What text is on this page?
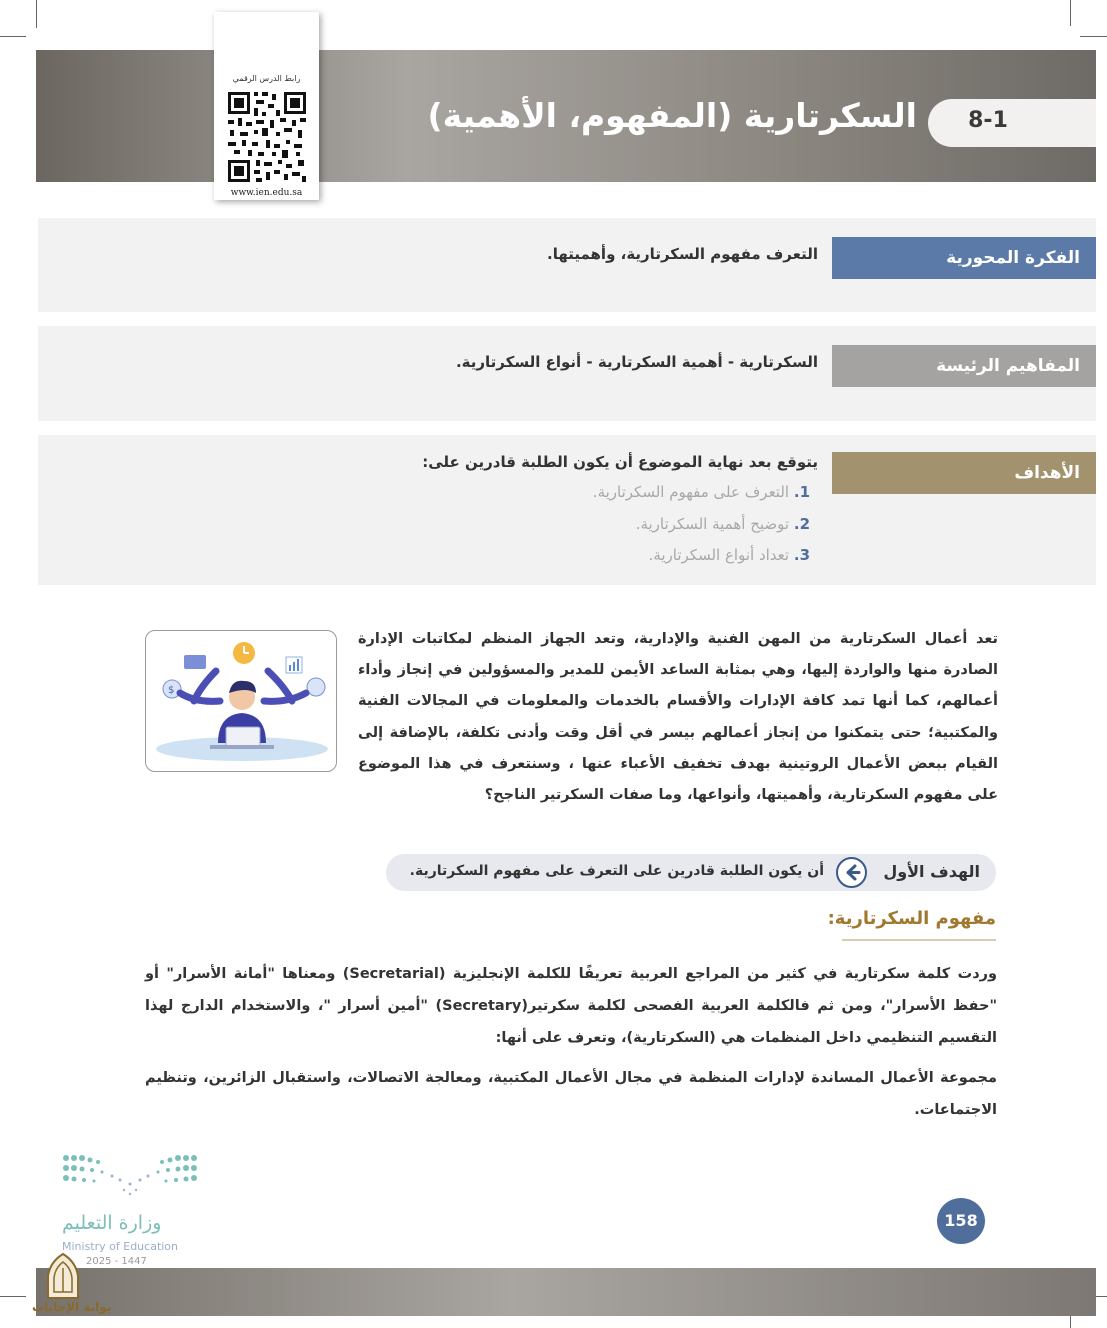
8-1
السكرتارية (المفهوم، الأهمية)
رابط الدرس الرقمي
www.ien.edu.sa
الفكرة المحورية
التعرف مفهوم السكرتارية، وأهميتها.
المفاهيم الرئيسة
السكرتارية - أهمية السكرتارية - أنواع السكرتارية.
الأهداف
يتوقع بعد نهاية الموضوع أن يكون الطلبة قادرين على:
1. التعرف على مفهوم السكرتارية.
2. توضيح أهمية السكرتارية.
3. تعداد أنواع السكرتارية.

تعد أعمال السكرتارية من المهن الفنية والإدارية، وتعد الجهاز المنظم لمكاتبات الإدارة الصادرة منها والواردة إليها، وهي بمثابة الساعد الأيمن للمدير والمسؤولين في إنجاز وأداء أعمالهم، كما أنها تمد كافة الإدارات والأقسام بالخدمات والمعلومات في المجالات الفنية والمكتبية؛ حتى يتمكنوا من إنجاز أعمالهم بيسر في أقل وقت وأدنى تكلفة، بالإضافة إلى القيام ببعض الأعمال الروتينية بهدف تخفيف الأعباء عنها ، وسنتعرف في هذا الموضوع على مفهوم السكرتارية، وأهميتها، وأنواعها، وما صفات السكرتير الناجح؟

$
الهدف الأول
أن يكون الطلبة قادرين على التعرف على مفهوم السكرتارية.
مفهوم السكرتارية:

وردت كلمة سكرتارية في كثير من المراجع العربية تعريفًا للكلمة الإنجليزية (Secretarial) ومعناها "أمانة الأسرار" أو "حفظ الأسرار"، ومن ثم فالكلمة العربية الفصحى لكلمة سكرتير(Secretary) "أمين أسرار "، والاستخدام الدارج لهذا التقسيم التنظيمي داخل المنظمات هي (السكرتارية)، وتعرف على أنها:

مجموعة الأعمال المساندة لإدارات المنظمة في مجال الأعمال المكتبية، ومعالجة الاتصالات، واستقبال الزائرين، وتنظيم الاجتماعات.

وزارة التعليم
Ministry of Education
2025 - 1447
158
بوابة الإجابات
